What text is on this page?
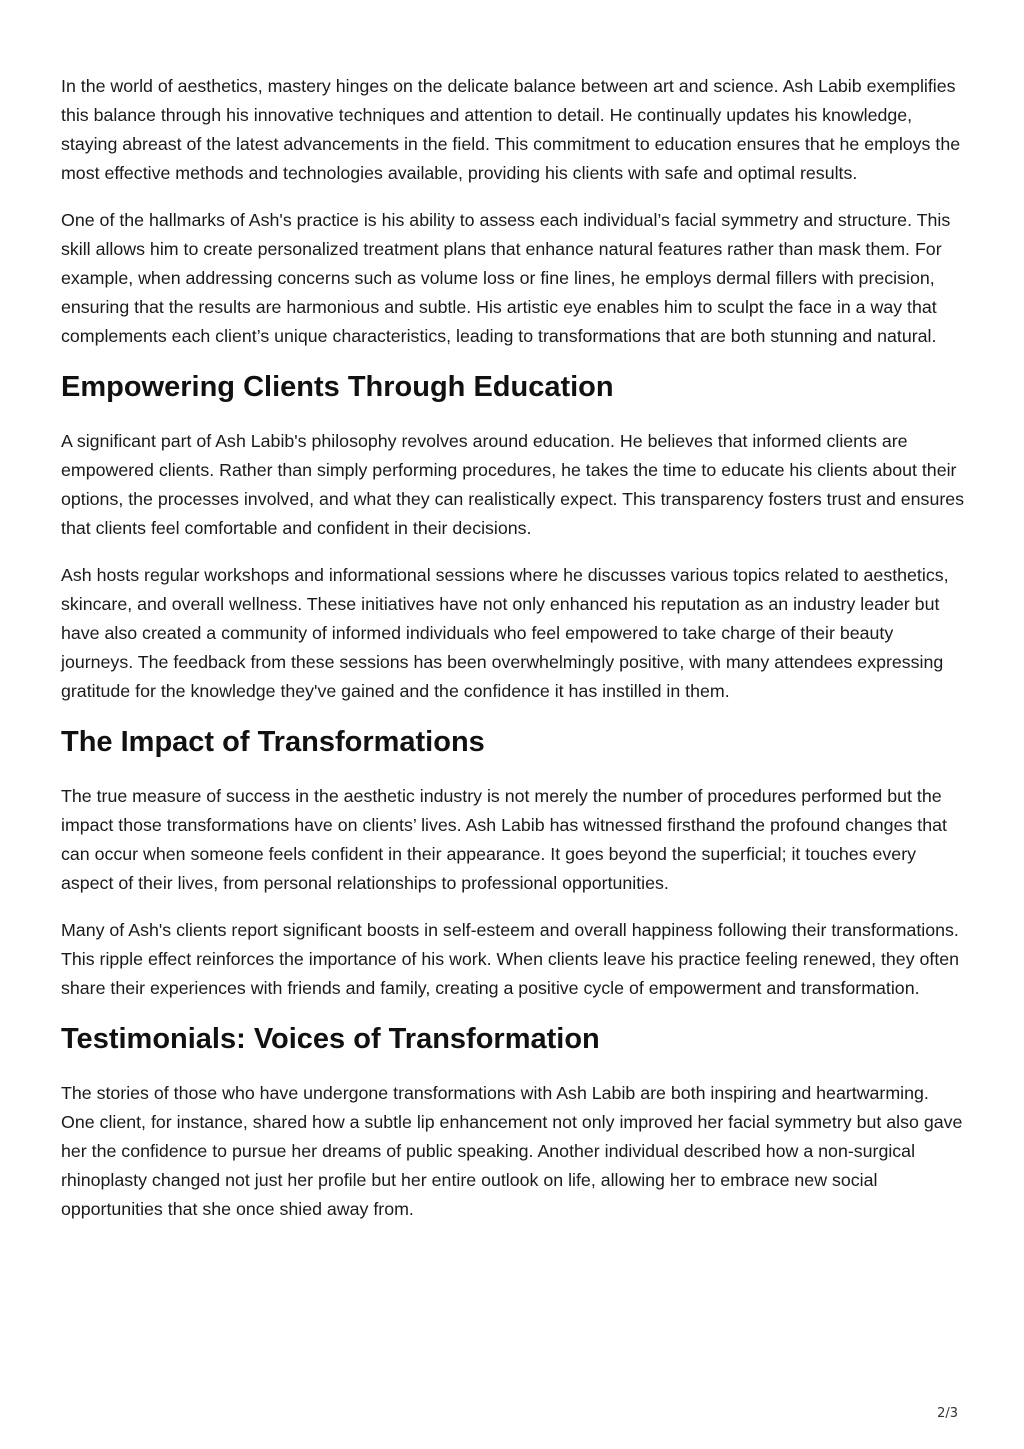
In the world of aesthetics, mastery hinges on the delicate balance between art and science. Ash Labib exemplifies this balance through his innovative techniques and attention to detail. He continually updates his knowledge, staying abreast of the latest advancements in the field. This commitment to education ensures that he employs the most effective methods and technologies available, providing his clients with safe and optimal results.

One of the hallmarks of Ash's practice is his ability to assess each individual’s facial symmetry and structure. This skill allows him to create personalized treatment plans that enhance natural features rather than mask them. For example, when addressing concerns such as volume loss or fine lines, he employs dermal fillers with precision, ensuring that the results are harmonious and subtle. His artistic eye enables him to sculpt the face in a way that complements each client’s unique characteristics, leading to transformations that are both stunning and natural.

Empowering Clients Through Education

A significant part of Ash Labib's philosophy revolves around education. He believes that informed clients are empowered clients. Rather than simply performing procedures, he takes the time to educate his clients about their options, the processes involved, and what they can realistically expect. This transparency fosters trust and ensures that clients feel comfortable and confident in their decisions.

Ash hosts regular workshops and informational sessions where he discusses various topics related to aesthetics, skincare, and overall wellness. These initiatives have not only enhanced his reputation as an industry leader but have also created a community of informed individuals who feel empowered to take charge of their beauty journeys. The feedback from these sessions has been overwhelmingly positive, with many attendees expressing gratitude for the knowledge they've gained and the confidence it has instilled in them.

The Impact of Transformations

The true measure of success in the aesthetic industry is not merely the number of procedures performed but the impact those transformations have on clients’ lives. Ash Labib has witnessed firsthand the profound changes that can occur when someone feels confident in their appearance. It goes beyond the superficial; it touches every aspect of their lives, from personal relationships to professional opportunities.

Many of Ash's clients report significant boosts in self-esteem and overall happiness following their transformations. This ripple effect reinforces the importance of his work. When clients leave his practice feeling renewed, they often share their experiences with friends and family, creating a positive cycle of empowerment and transformation.

Testimonials: Voices of Transformation

The stories of those who have undergone transformations with Ash Labib are both inspiring and heartwarming. One client, for instance, shared how a subtle lip enhancement not only improved her facial symmetry but also gave her the confidence to pursue her dreams of public speaking. Another individual described how a non-surgical rhinoplasty changed not just her profile but her entire outlook on life, allowing her to embrace new social opportunities that she once shied away from.

2/3
